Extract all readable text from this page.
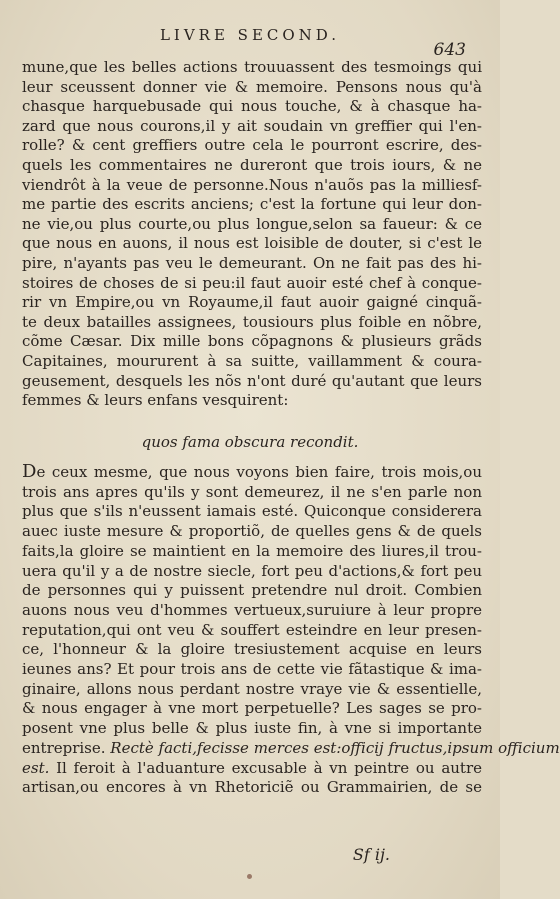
LIVRE SECOND.
643
mune,que les belles actions trouuassent des tesmoings qui
leur sceussent donner vie & memoire. Pensons nous qu'à
chasque harquebusade qui nous touche, & à chasque ha-
zard que nous courons,il y ait soudain vn greffier qui l'en-
rolle? & cent greffiers outre cela le pourront escrire, des-
quels les commentaires ne dureront que trois iours, & ne
viendrôt à la veue de personne.Nous n'auõs pas la milliesf-
me partie des escrits anciens; c'est la fortune qui leur don-
ne vie,ou plus courte,ou plus longue,selon sa faueur: & ce
que nous en auons, il nous est loisible de douter, si c'est le
pire, n'ayants pas veu le demeurant. On ne fait pas des hi-
stoires de choses de si peu:il faut auoir esté chef à conque-
rir vn Empire,ou vn Royaume,il faut auoir gaigné cinquã-
te deux batailles assignees, tousiours plus foible en nõbre,
cõme Cæsar. Dix mille bons cõpagnons & plusieurs grãds
Capitaines, moururent à sa suitte, vaillamment & coura-
geusement, desquels les nõs n'ont duré qu'autant que leurs
femmes & leurs enfans vesquirent:
quos fama obscura recondit.
De ceux mesme, que nous voyons bien faire, trois mois,ou
trois ans apres qu'ils y sont demeurez, il ne s'en parle non
plus que s'ils n'eussent iamais esté. Quiconque considerera
auec iuste mesure & proportiõ, de quelles gens & de quels
faits,la gloire se maintient en la memoire des liures,il trou-
uera qu'il y a de nostre siecle, fort peu d'actions,& fort peu
de personnes qui y puissent pretendre nul droit. Combien
auons nous veu d'hommes vertueux,suruiure à leur propre
reputation,qui ont veu & souffert esteindre en leur presen-
ce, l'honneur & la gloire tresiustement acquise en leurs
ieunes ans? Et pour trois ans de cette vie fãtastique & ima-
ginaire, allons nous perdant nostre vraye vie & essentielle,
& nous engager à vne mort perpetuelle? Les sages se pro-
posent vne plus belle & plus iuste fin, à vne si importante
entreprise. Rectè facti,fecisse merces est:officij fructus,ipsum officium
est. Il feroit à l'aduanture excusable à vn peintre ou autre
artisan,ou encores à vn Rhetoriciẽ ou Grammairien, de se
Sf ij.
